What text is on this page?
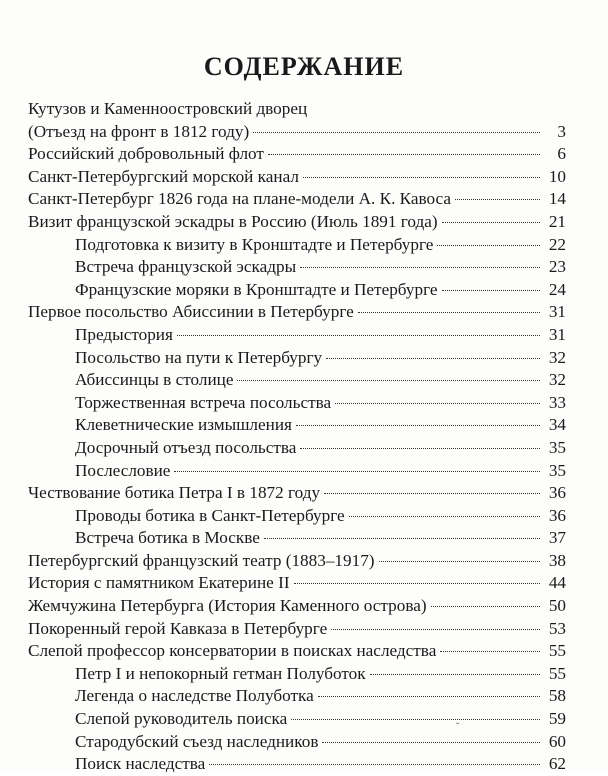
СОДЕРЖАНИЕ
Кутузов и Каменноостровский дворец
(Отъезд на фронт в 1812 году)	3
Российский добровольный флот	6
Санкт-Петербургский морской канал	10
Санкт-Петербург 1826 года на плане-модели А. К. Кавоса	14
Визит французской эскадры в Россию (Июль 1891 года)	21
Подготовка к визиту в Кронштадте и Петербурге	22
Встреча французской эскадры	23
Французские моряки в Кронштадте и Петербурге	24
Первое посольство Абиссинии в Петербурге	31
Предыстория	31
Посольство на пути к Петербургу	32
Абиссинцы в столице	32
Торжественная встреча посольства	33
Клеветнические измышления	34
Досрочный отъезд посольства	35
Послесловие	35
Чествование ботика Петра I в 1872 году	36
Проводы ботика в Санкт-Петербурге	36
Встреча ботика в Москве	37
Петербургский французский театр (1883–1917)	38
История с памятником Екатерине II	44
Жемчужина Петербурга (История Каменного острова)	50
Покоренный герой Кавказа в Петербурге	53
Слепой профессор консерватории в поисках наследства	55
Петр I и непокорный гетман Полуботок	55
Легенда о наследстве Полуботка	58
Слепой руководитель поиска	59
Стародубский съезд наследников	60
Поиск наследства	62
ˇ
